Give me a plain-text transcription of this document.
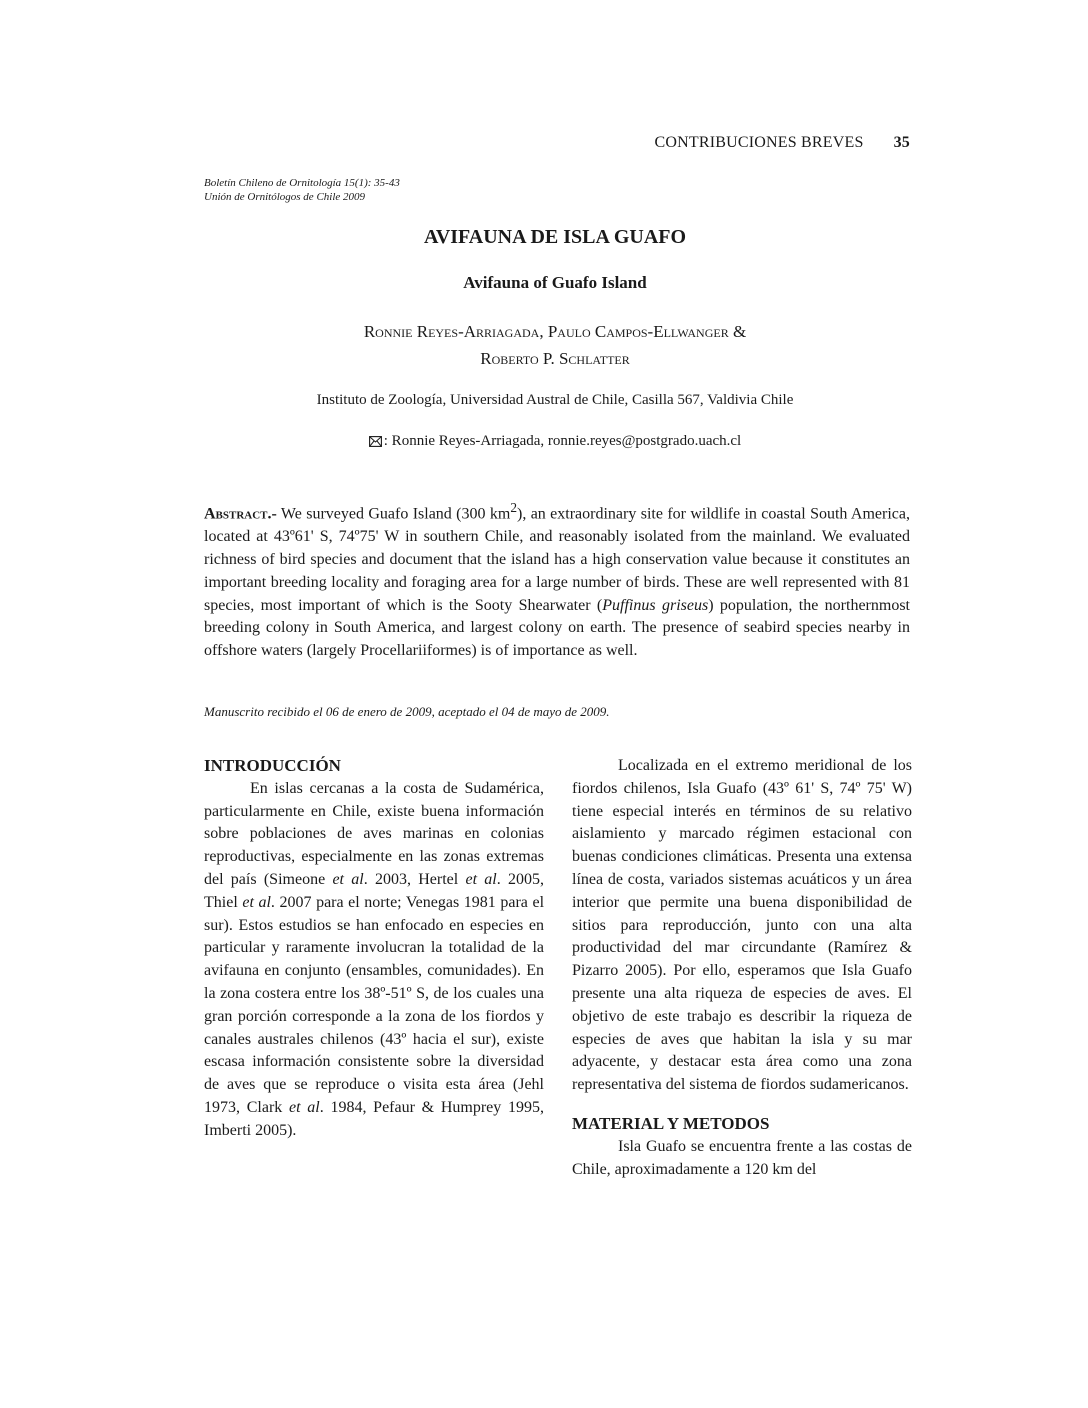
CONTRIBUCIONES BREVES 35
Boletín Chileno de Ornitología 15(1): 35-43
Unión de Ornitólogos de Chile 2009
AVIFAUNA DE ISLA GUAFO
Avifauna of Guafo Island
Ronnie Reyes-Arriagada, Paulo Campos-Ellwanger &
Roberto P. Schlatter
Instituto de Zoología, Universidad Austral de Chile, Casilla 567, Valdivia Chile
: Ronnie Reyes-Arriagada, ronnie.reyes@postgrado.uach.cl
Abstract.- We surveyed Guafo Island (300 $km^2$), an extraordinary site for wildlife in coastal South America, located at 43º61' S, 74º75' W in southern Chile, and reasonably isolated from the mainland. We evaluated richness of bird species and document that the island has a high conservation value because it constitutes an important breeding locality and foraging area for a large number of birds. These are well represented with 81 species, most important of which is the Sooty Shearwater (Puffinus griseus) population, the northernmost breeding colony in South America, and largest colony on earth. The presence of seabird species nearby in offshore waters (largely Procellariiformes) is of importance as well.
Manuscrito recibido el 06 de enero de 2009, aceptado el 04 de mayo de 2009.
INTRODUCCIÓN

En islas cercanas a la costa de Sudamérica, particularmente en Chile, existe buena información sobre poblaciones de aves marinas en colonias reproductivas, especialmente en las zonas extremas del país (Simeone et al. 2003, Hertel et al. 2005, Thiel et al. 2007 para el norte; Venegas 1981 para el sur). Estos estudios se han enfocado en especies en particular y raramente involucran la totalidad de la avifauna en conjunto (ensambles, comunidades). En la zona costera entre los 38º-51º S, de los cuales una gran porción corresponde a la zona de los fiordos y canales australes chilenos (43º hacia el sur), existe escasa información consistente sobre la diversidad de aves que se reproduce o visita esta área (Jehl 1973, Clark et al. 1984, Pefaur & Humprey 1995, Imberti 2005).

Localizada en el extremo meridional de los fiordos chilenos, Isla Guafo (43º 61' S, 74º 75' W) tiene especial interés en términos de su relativo aislamiento y marcado régimen estacional con buenas condiciones climáticas. Presenta una extensa línea de costa, variados sistemas acuáticos y un área interior que permite una buena disponibilidad de sitios para reproducción, junto con una alta productividad del mar circundante (Ramírez & Pizarro 2005). Por ello, esperamos que Isla Guafo presente una alta riqueza de especies de aves. El objetivo de este trabajo es describir la riqueza de especies de aves que habitan la isla y su mar adyacente, y destacar esta área como una zona representativa del sistema de fiordos sudamericanos.

MATERIAL Y METODOS

Isla Guafo se encuentra frente a las costas de Chile, aproximadamente a 120 km del
